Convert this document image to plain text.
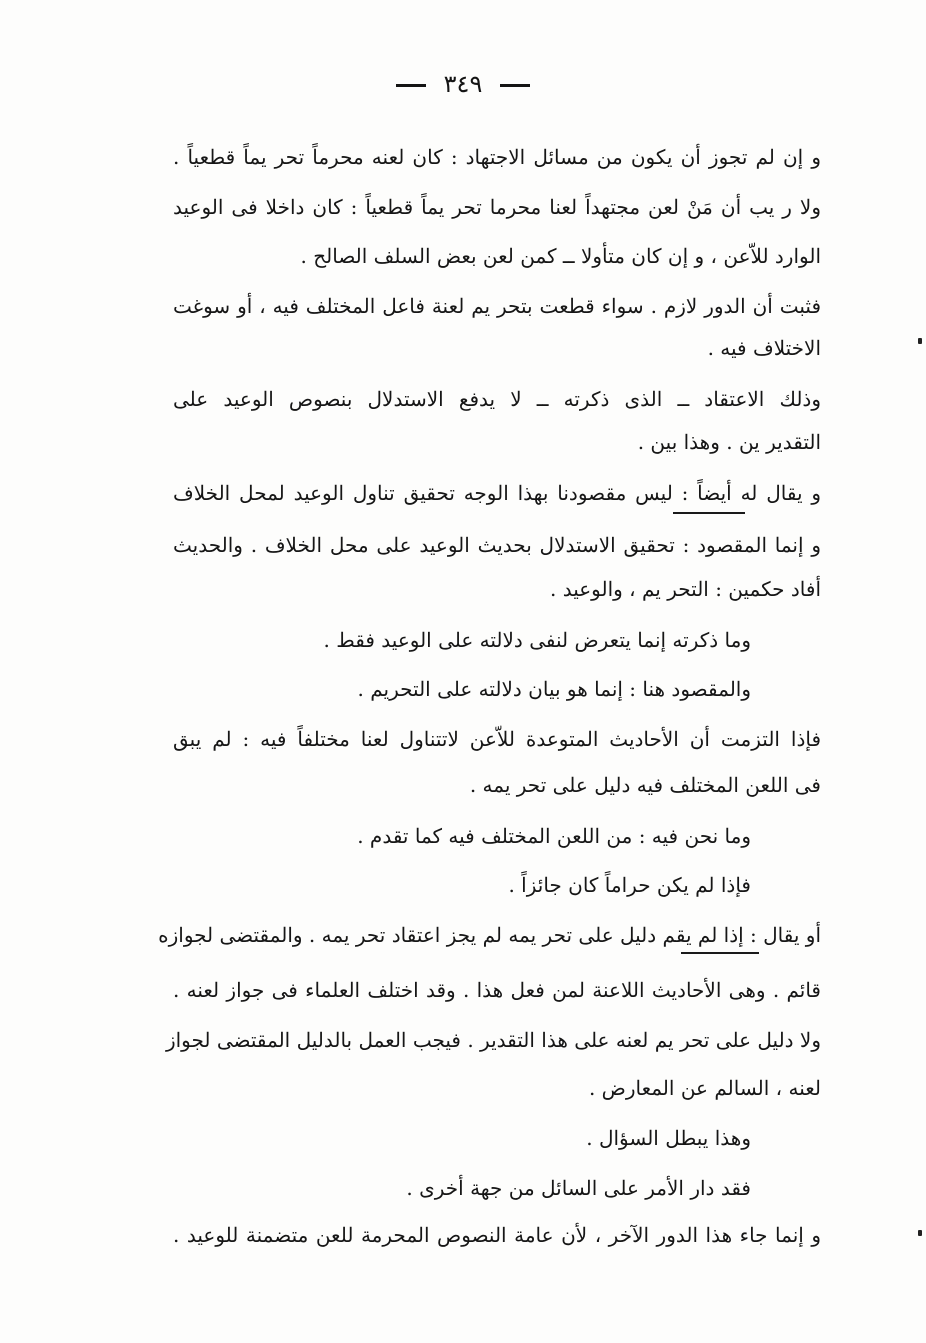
٣٤٩
و إن لم تجوز أن يكون من مسائل الاجتهاد : كان لعنه محرماً تحر يماً قطعياً .
ولا ر يب أن مَنْ لعن مجتهداً لعنا محرما تحر يماً قطعياً : كان داخلا فى الوعيد
الوارد للاّعن ، و إن كان متأولا ــ كمن لعن بعض السلف الصالح .
فثبت أن الدور لازم . سواء قطعت بتحر يم لعنة فاعل المختلف فيه ، أو سوغت
الاختلاف فيه .
وذلك الاعتقاد ــ الذى ذكرته ــ لا يدفع الاستدلال بنصوص الوعيد على
التقدير ين . وهذا بين .
و يقال له أيضاً : ليس مقصودنا بهذا الوجه تحقيق تناول الوعيد لمحل الخلاف
و إنما المقصود : تحقيق الاستدلال بحديث الوعيد على محل الخلاف . والحديث
أفاد حكمين : التحر يم ، والوعيد .
وما ذكرته إنما يتعرض لنفى دلالته على الوعيد فقط .
والمقصود هنا : إنما هو بيان دلالته على التحريم .
فإذا التزمت أن الأحاديث المتوعدة للاّعن لاتتناول لعنا مختلفاً فيه : لم يبق
فى اللعن المختلف فيه دليل على تحر يمه .
وما نحن فيه : من اللعن المختلف فيه كما تقدم .
فإذا لم يكن حراماً كان جائزاً .
أو يقال : إذا لم يقم دليل على تحر يمه لم يجز اعتقاد تحر يمه . والمقتضى لجوازه
قائم . وهى الأحاديث اللاعنة لمن فعل هذا . وقد اختلف العلماء فى جواز لعنه .
ولا دليل على تحر يم لعنه على هذا التقدير . فيجب العمل بالدليل المقتضى لجواز
لعنه ، السالم عن المعارض .
وهذا يبطل السؤال .
فقد دار الأمر على السائل من جهة أخرى .
و إنما جاء هذا الدور الآخر ، لأن عامة النصوص المحرمة للعن متضمنة للوعيد .
